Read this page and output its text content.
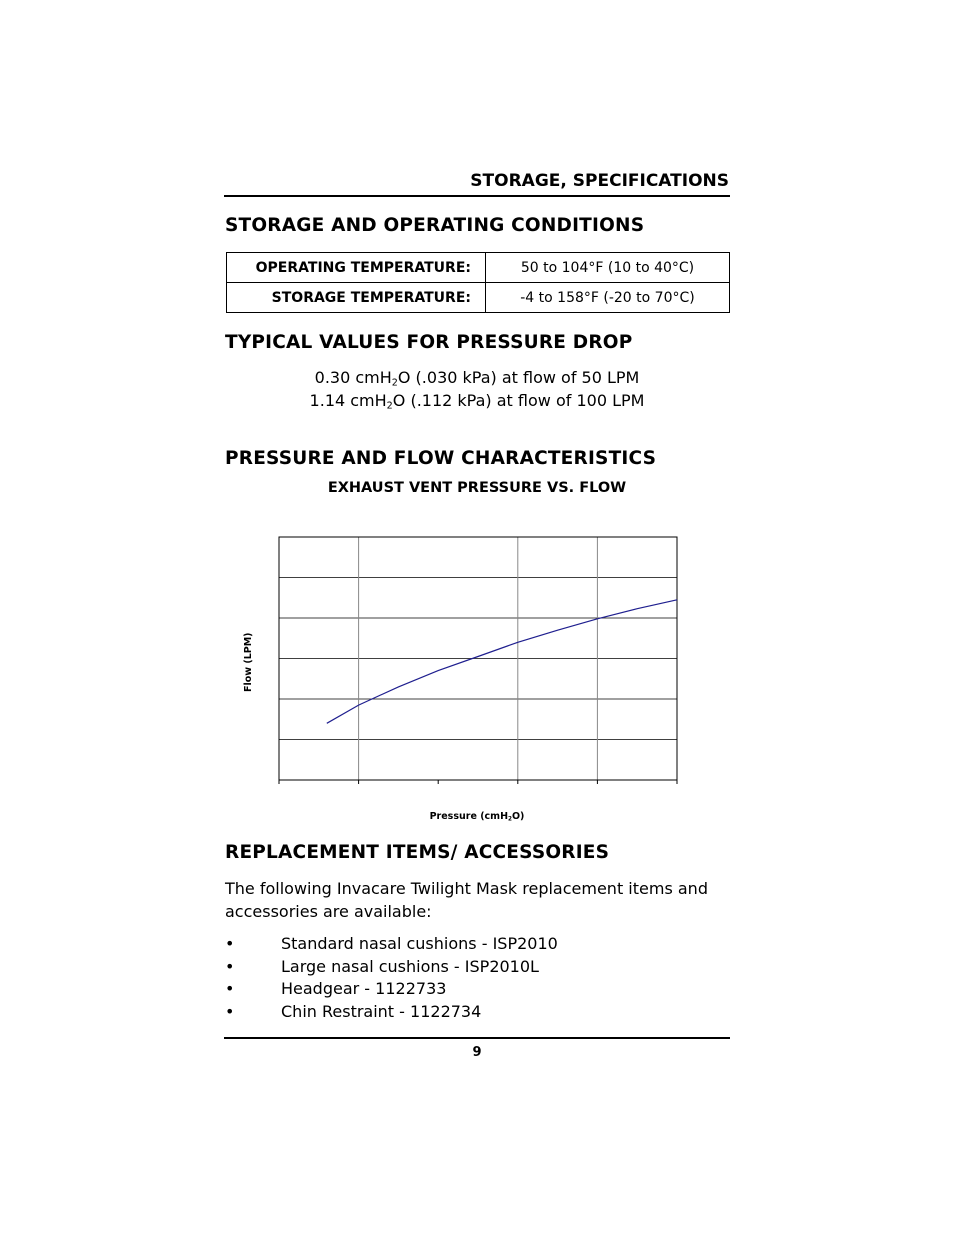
STORAGE, SPECIFICATIONS
STORAGE AND OPERATING CONDITIONS
OPERATING TEMPERATURE:	50 to 104°F (10 to 40°C)
STORAGE TEMPERATURE:	-4 to 158°F (-20 to 70°C)
TYPICAL VALUES FOR PRESSURE DROP
0.30 cmH$_2$O (.030 kPa) at flow of 50 LPM
1.14 cmH$_2$O (.112 kPa) at flow of 100 LPM
PRESSURE AND FLOW CHARACTERISTICS
EXHAUST VENT PRESSURE VS. FLOW
Flow (LPM)
Pressure (cmH$_2$O)
REPLACEMENT ITEMS/ ACCESSORIES
The following Invacare Twilight Mask replacement items and accessories are available:
•	Standard nasal cushions - ISP2010
•	Large nasal cushions - ISP2010L
•	Headgear - 1122733
•	Chin Restraint - 1122734
9
